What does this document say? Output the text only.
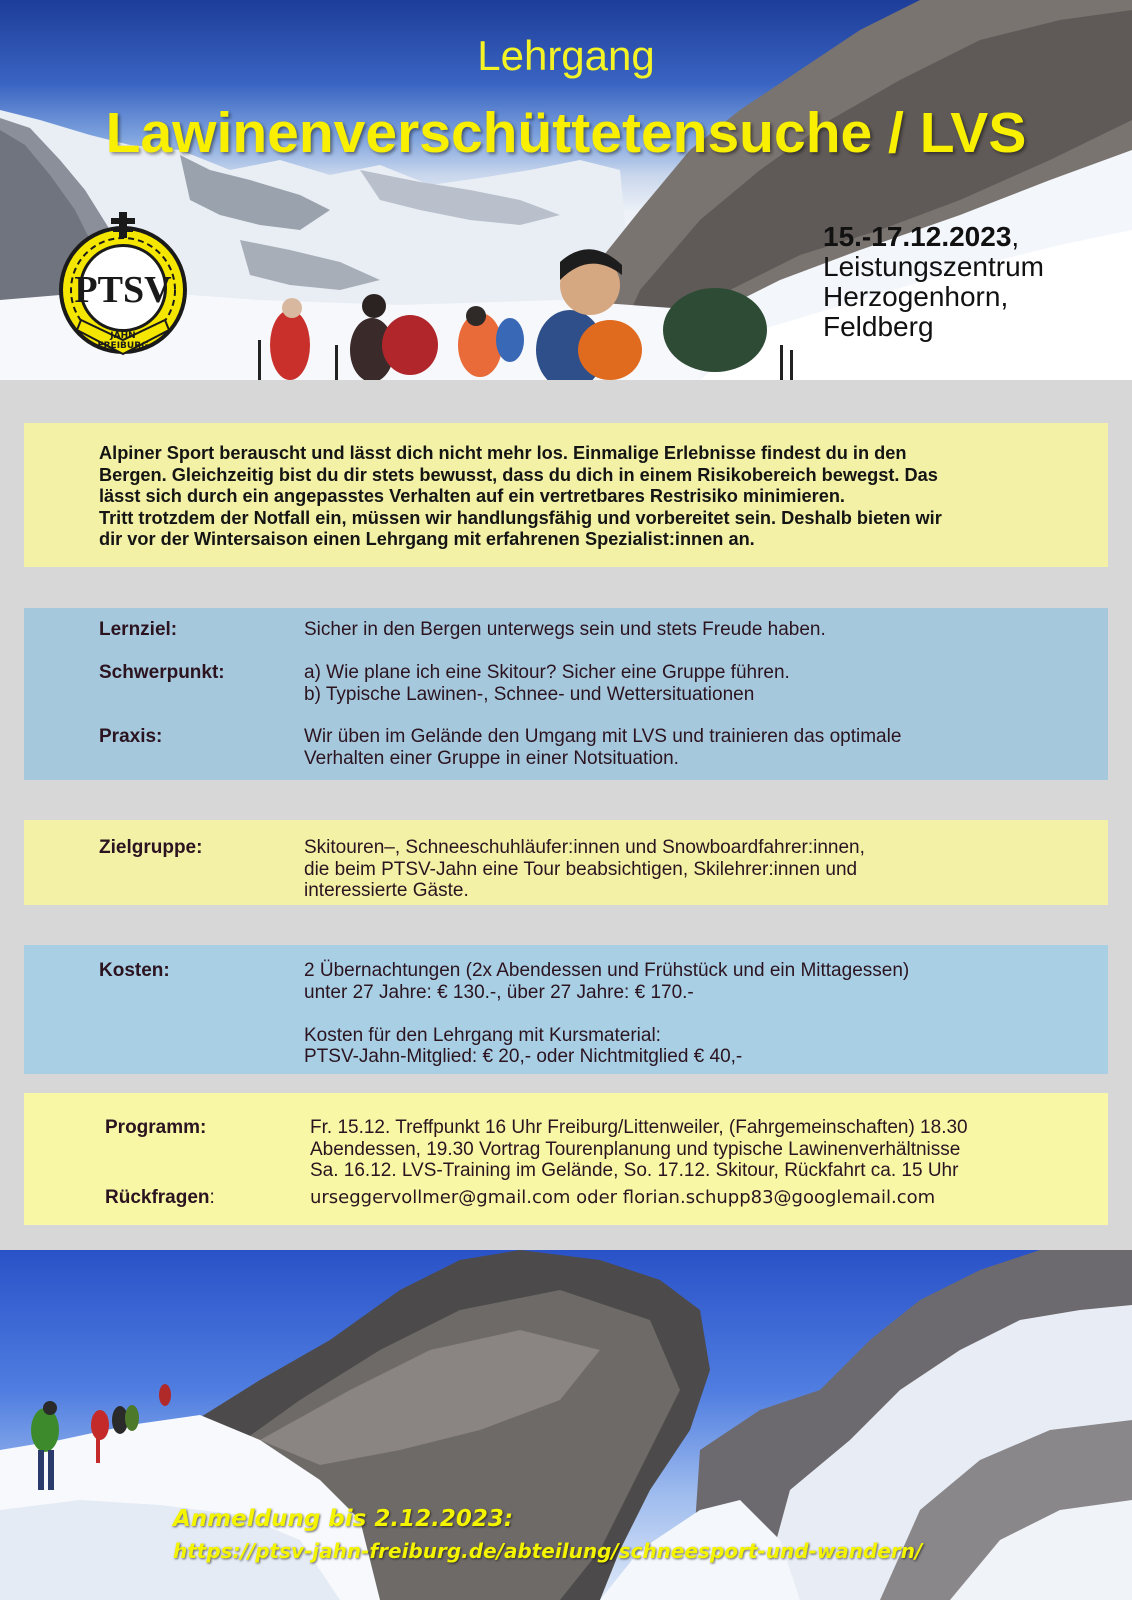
Lehrgang
Lawinenverschüttetensuche / LVS
PTSV
JAHN
FREIBURG
15.-17.12.2023,
Leistungszentrum
Herzogenhorn,
Feldberg

Alpiner Sport berauscht und lässt dich nicht mehr los. Einmalige Erlebnisse findest du in den

Bergen. Gleichzeitig bist du dir stets bewusst, dass du dich in einem Risikobereich bewegst. Das

lässt sich durch ein angepasstes Verhalten auf ein vertretbares Restrisiko minimieren.

Tritt trotzdem der Notfall ein, müssen wir handlungsfähig und vorbereitet sein. Deshalb bieten wir

dir vor der Wintersaison einen Lehrgang mit erfahrenen Spezialist:innen an.

Lernziel:	Sicher in den Bergen unterwegs sein und stets Freude haben.
Schwerpunkt:	a) Wie plane ich eine Skitour? Sicher eine Gruppe führen.
b) Typische Lawinen-, Schnee- und Wettersituationen
Praxis:	Wir üben im Gelände den Umgang mit LVS und trainieren das optimale
Verhalten einer Gruppe in einer Notsituation.
Zielgruppe:	Skitouren–, Schneeschuhläufer:innen und Snowboardfahrer:innen,
die beim PTSV-Jahn eine Tour beabsichtigen, Skilehrer:innen und
interessierte Gäste.
Kosten:	2 Übernachtungen (2x Abendessen und Frühstück und ein Mittagessen)
unter 27 Jahre: € 130.-, über 27 Jahre: € 170.-
Kosten für den Lehrgang mit Kursmaterial:
PTSV-Jahn-Mitglied: € 20,- oder Nichtmitglied € 40,-
Programm:	Fr. 15.12. Treffpunkt 16 Uhr Freiburg/Littenweiler, (Fahrgemeinschaften) 18.30
Abendessen, 19.30 Vortrag Tourenplanung und typische Lawinenverhältnisse
Sa. 16.12. LVS-Training im Gelände, So. 17.12. Skitour, Rückfahrt ca. 15 Uhr
Rückfragen:	urseggervollmer@gmail.com oder florian.schupp83@googlemail.com
Anmeldung bis 2.12.2023:
https://ptsv-jahn-freiburg.de/abteilung/schneesport-und-wandern/
